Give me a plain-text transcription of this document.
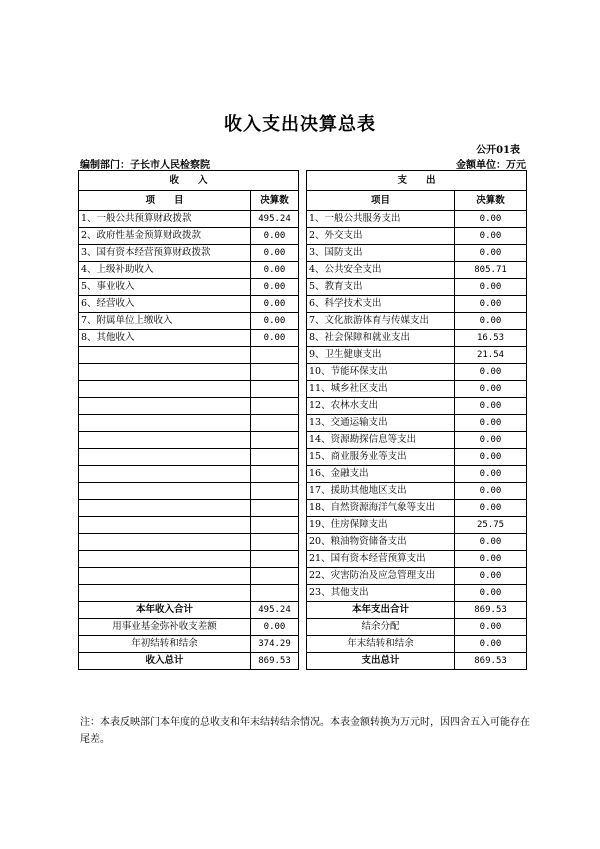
收入支出决算总表
公开01表
编制部门：子长市人民检察院	金额单位：万元
收　　入			支　　出	
项　　目	决算数		项目	决算数
1、一般公共预算财政拨款	495.24		1、一般公共服务支出	0.00
2、政府性基金预算财政拨款	0.00		2、外交支出	0.00
3、国有资本经营预算财政拨款	0.00		3、国防支出	0.00
4、上级补助收入	0.00		4、公共安全支出	805.71
5、事业收入	0.00		5、教育支出	0.00
6、经营收入	0.00		6、科学技术支出	0.00
7、附属单位上缴收入	0.00		7、文化旅游体育与传媒支出	0.00
8、其他收入	0.00		8、社会保障和就业支出	16.53
			9、卫生健康支出	21.54
			10、节能环保支出	0.00
			11、城乡社区支出	0.00
			12、农林水支出	0.00
			13、交通运输支出	0.00
			14、资源勘探信息等支出	0.00
			15、商业服务业等支出	0.00
			16、金融支出	0.00
			17、援助其他地区支出	0.00
			18、自然资源海洋气象等支出	0.00
			19、住房保障支出	25.75
			20、粮油物资储备支出	0.00
			21、国有资本经营预算支出	0.00
			22、灾害防治及应急管理支出	0.00
			23、其他支出	0.00
本年收入合计	495.24		本年支出合计	869.53
用事业基金弥补收支差额	0.00		结余分配	0.00
年初结转和结余	374.29		年末结转和结余	0.00
收入总计	869.53		支出总计	869.53
注：本表反映部门本年度的总收支和年末结转结余情况。本表金额转换为万元时，因四舍五入可能存在尾差。
